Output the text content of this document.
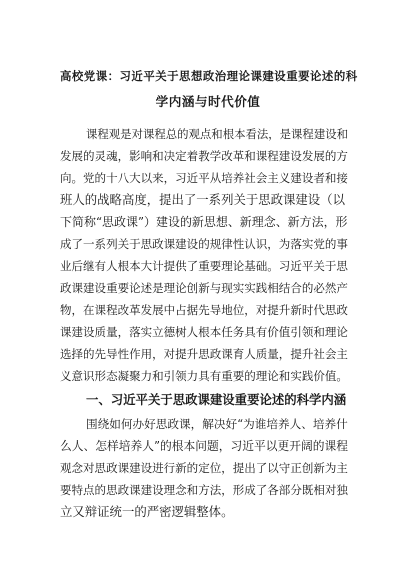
高校党课：习近平关于思想政治理论课建设重要论述的科
学内涵与时代价值

课程观是对课程总的观点和根本看法，是课程建设和

发展的灵魂，影响和决定着教学改革和课程建设发展的方

向。党的十八大以来，习近平从培养社会主义建设者和接

班人的战略高度，提出了一系列关于思政课建设（以

下简称“思政课”）建设的新思想、新理念、新方法，形

成了一系列关于思政课建设的规律性认识，为落实党的事

业后继有人根本大计提供了重要理论基础。习近平关于思

政课建设重要论述是理论创新与现实实践相结合的必然产

物，在课程改革发展中占据先导地位，对提升新时代思政

课建设质量，落实立德树人根本任务具有价值引领和理论

选择的先导性作用，对提升思政课育人质量，提升社会主

义意识形态凝聚力和引领力具有重要的理论和实践价值。

一、习近平关于思政课建设重要论述的科学内涵

围绕如何办好思政课，解决好“为谁培养人、培养什

么人、怎样培养人”的根本问题，习近平以更开阔的课程

观念对思政课建设进行新的定位，提出了以守正创新为主

要特点的思政课建设理念和方法，形成了各部分既相对独

立又辩证统一的严密逻辑整体。
